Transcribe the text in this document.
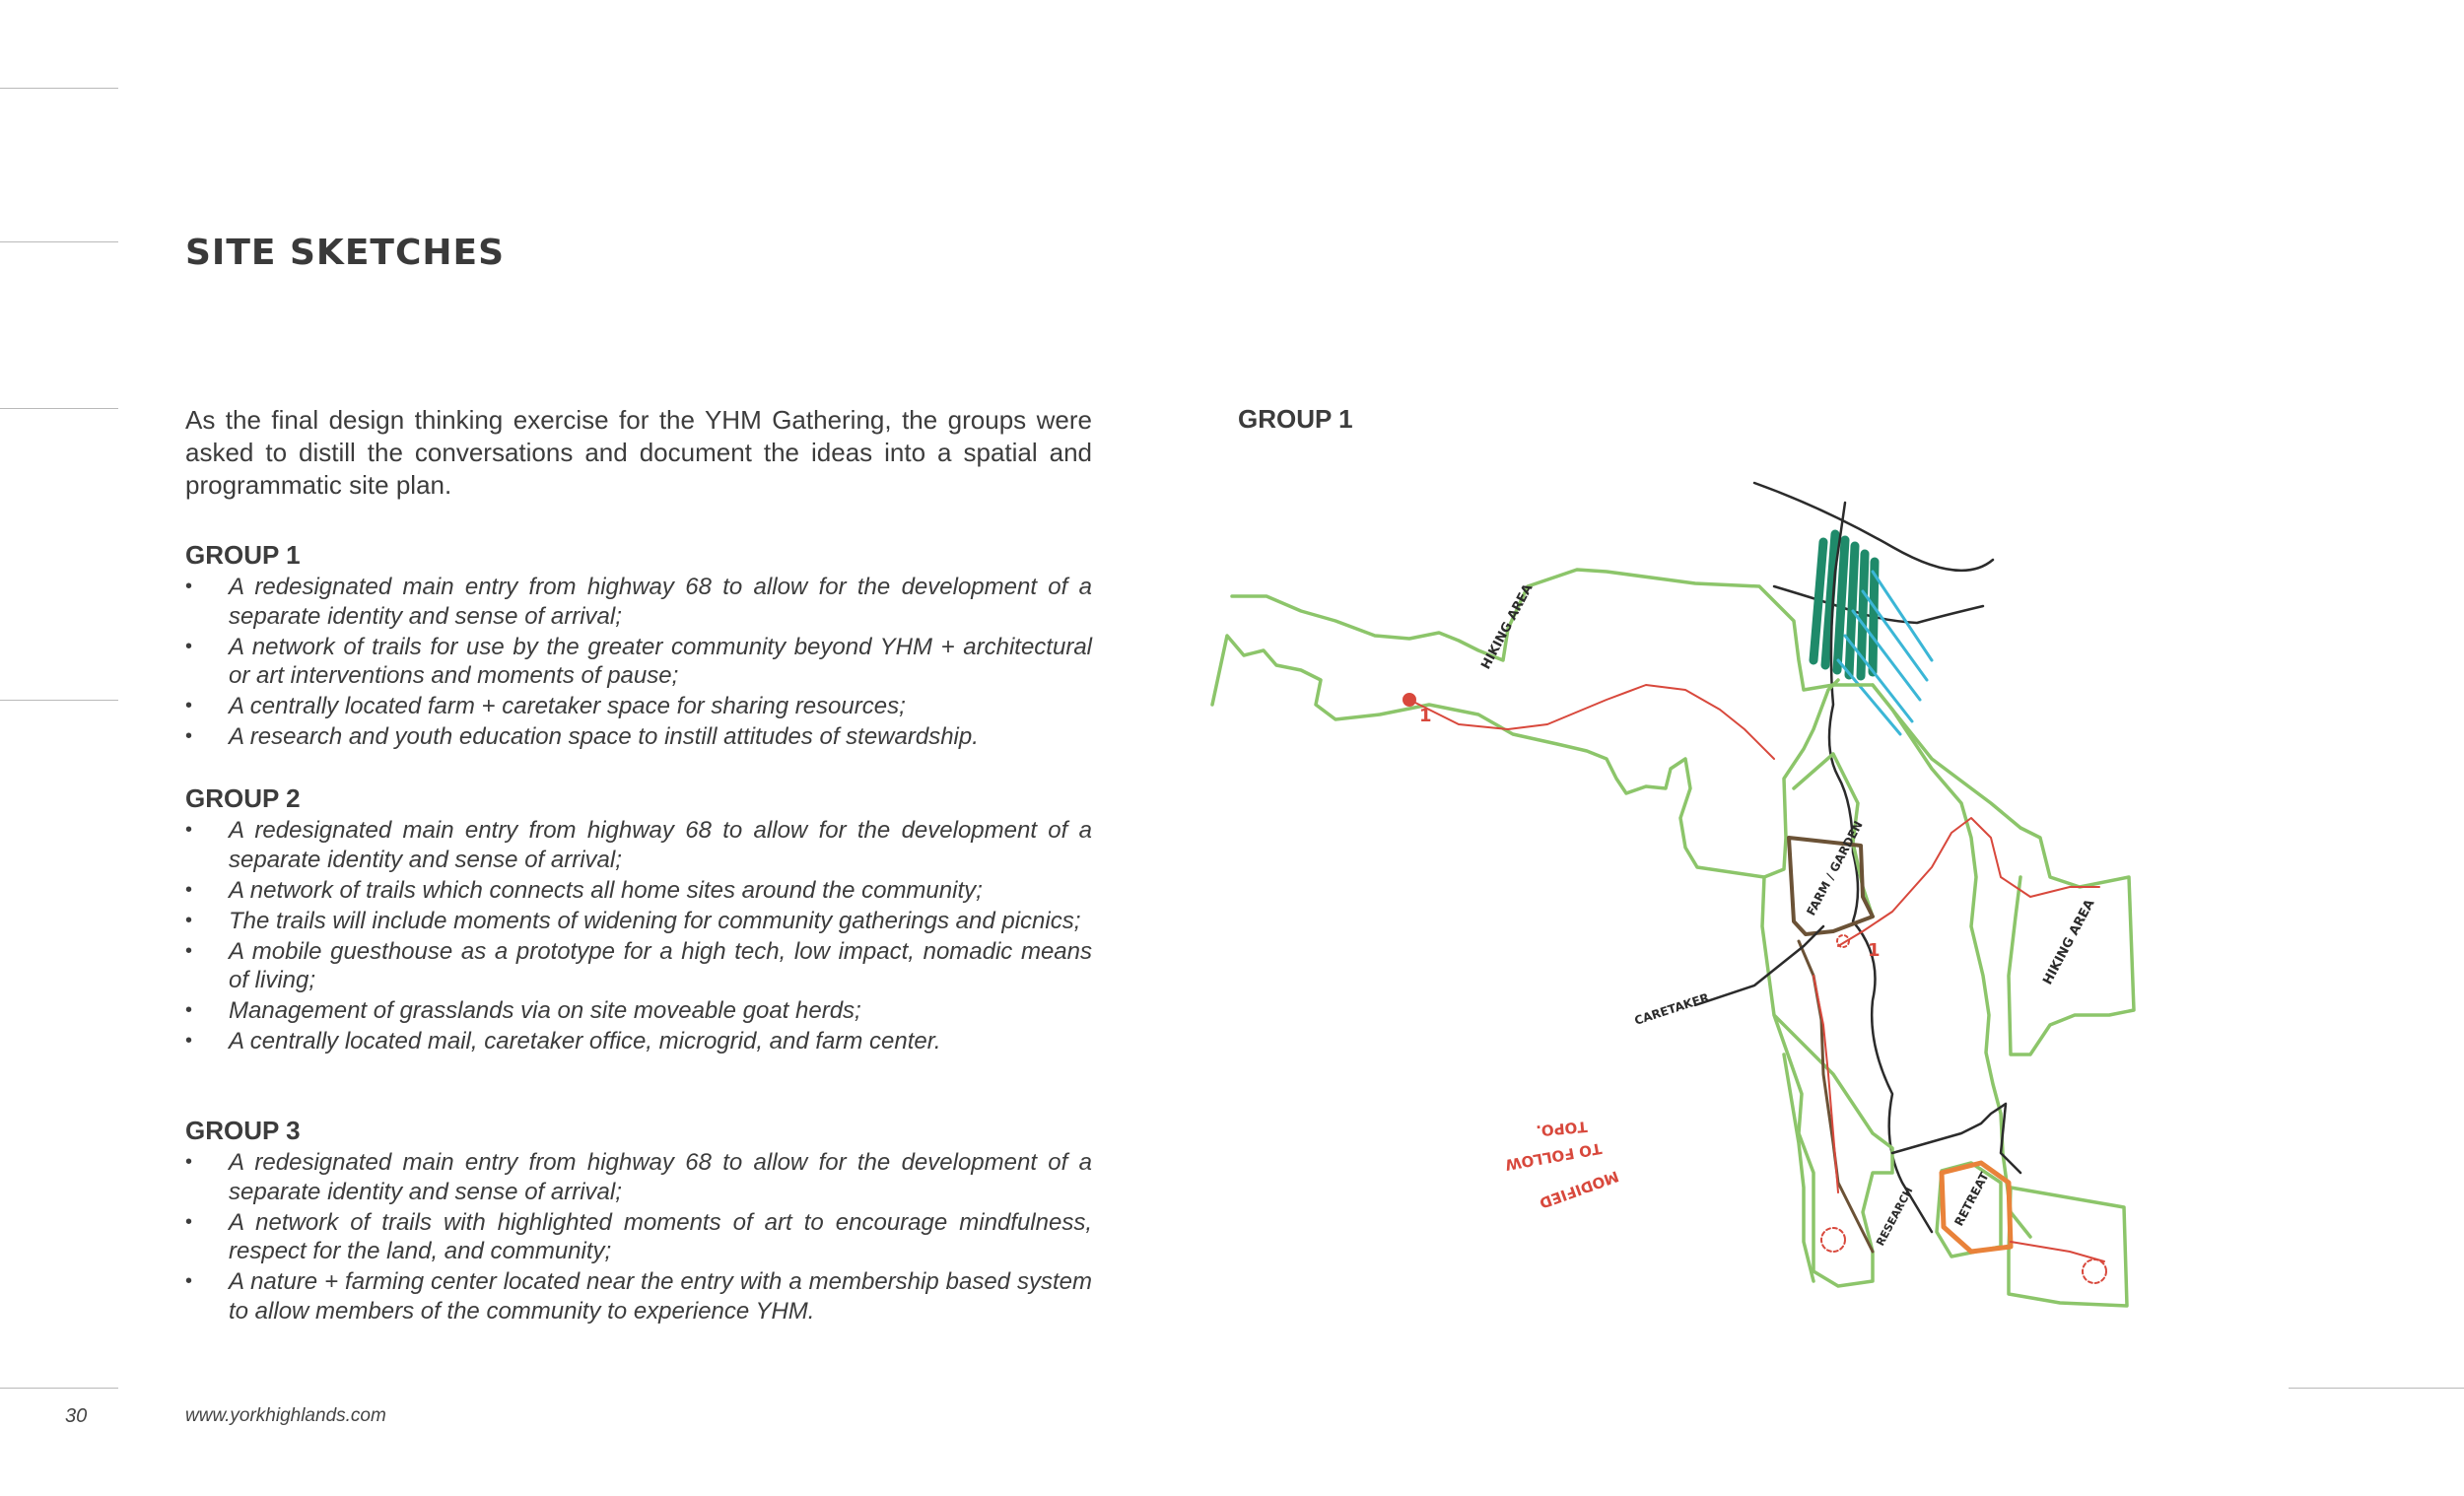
SITE SKETCHES

As the final design thinking exercise for the YHM Gathering, the groups were asked to distill the conversations and document the ideas into a spatial and programmatic site plan.

GROUP 1
• A redesignated main entry from highway 68 to allow for the development of a separate identity and sense of arrival;
• A network of trails for use by the greater community beyond YHM + architectural or art interventions and moments of pause;
• A centrally located farm + caretaker space for sharing resources;
• A research and youth education space to instill attitudes of stewardship.
GROUP 2
• A redesignated main entry from highway 68 to allow for the development of a separate identity and sense of arrival;
• A network of trails which connects all home sites around the community;
• The trails will include moments of widening for community gatherings and picnics;
• A mobile guesthouse as a prototype for a high tech, low impact, nomadic means of living;
• Management of grasslands via on site moveable goat herds;
• A centrally located mail, caretaker office, microgrid, and farm center.
GROUP 3
• A redesignated main entry from highway 68 to allow for the development of a separate identity and sense of arrival;
• A network of trails with highlighted moments of art to encourage mindfulness, respect for the land, and community;
• A nature + farming center located near the entry with a membership based system to allow members of the community to experience YHM.
GROUP 1
HIKING AREA
HIKING AREA
FARM / GARDEN
CARETAKER
MODIFIED
TO FOLLOW
TOPO.
RESEARCH	RETREAT
1
1
30	www.yorkhighlands.com
